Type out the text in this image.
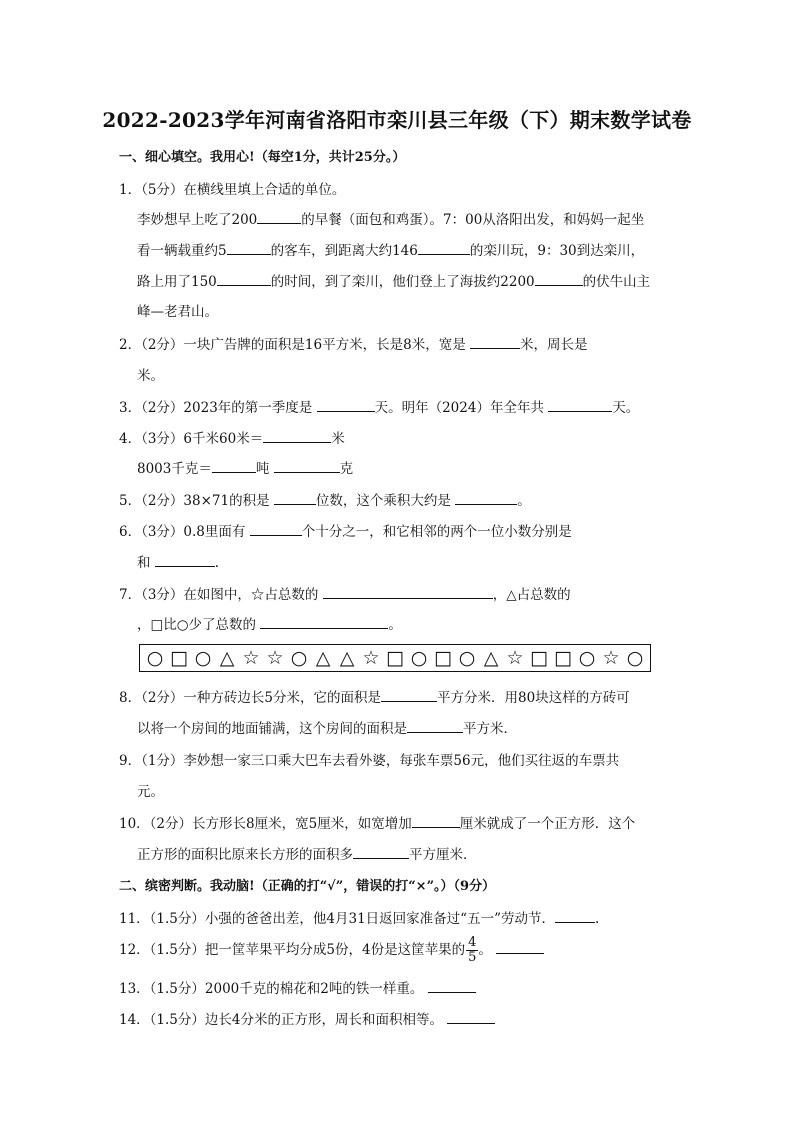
2022-2023学年河南省洛阳市栾川县三年级（下）期末数学试卷
一、细心填空。我用心!（每空1分，共计25分。）
1．（5分）在横线里填上合适的单位。
李妙想早上吃了200	的早餐（面包和鸡蛋）。7：00从洛阳出发，和妈妈一起坐
看一辆载重约5	的客车，到距离大约146	的栾川玩，9：30到达栾川，
路上用了150	的时间，到了栾川，他们登上了海拔约2200	的伏牛山主
峰—老君山。
2．（2分）一块广告牌的面积是16平方米，长是8米，宽是	米，周长是
米。
3．（2分）2023年的第一季度是	天。明年（2024）年全年共	天。
4．（3分）6千米60米＝	米
8003千克＝	吨	克
5．（2分）38×71的积是	位数，这个乘积大约是	。
6．（3分）0.8里面有	个十分之一，和它相邻的两个一位小数分别是
和	.
7．（3分）在如图中，☆占总数的	，△占总数的
，□比○少了总数的	。
○ □ ○ △ ☆ ☆ ○ △ △ ☆ □ ○ □ ○ △ ☆ □ □ ○ ☆ ○
8．（2分）一种方砖边长5分米，它的面积是	平方分米．用80块这样的方砖可
以将一个房间的地面铺满，这个房间的面积是	平方米．
9．（1分）李妙想一家三口乘大巴车去看外婆，每张车票56元，他们买往返的车票共
元。
10．（2分）长方形长8厘米，宽5厘米，如宽增加	厘米就成了一个正方形．这个
正方形的面积比原来长方形的面积多	平方厘米．
二、缤密判断。我动脑!（正确的打“√”，错误的打“×”。）（9分）
11．（1.5分）小强的爸爸出差，他4月31日返回家准备过“五一”劳动节．	.
12．（1.5分）把一筐苹果平均分成5份，4份是这筐苹果的 $\frac{4}{5}$ 。
13．（1.5分）2000千克的棉花和2吨的铁一样重。
14．（1.5分）边长4分米的正方形，周长和面积相等。
